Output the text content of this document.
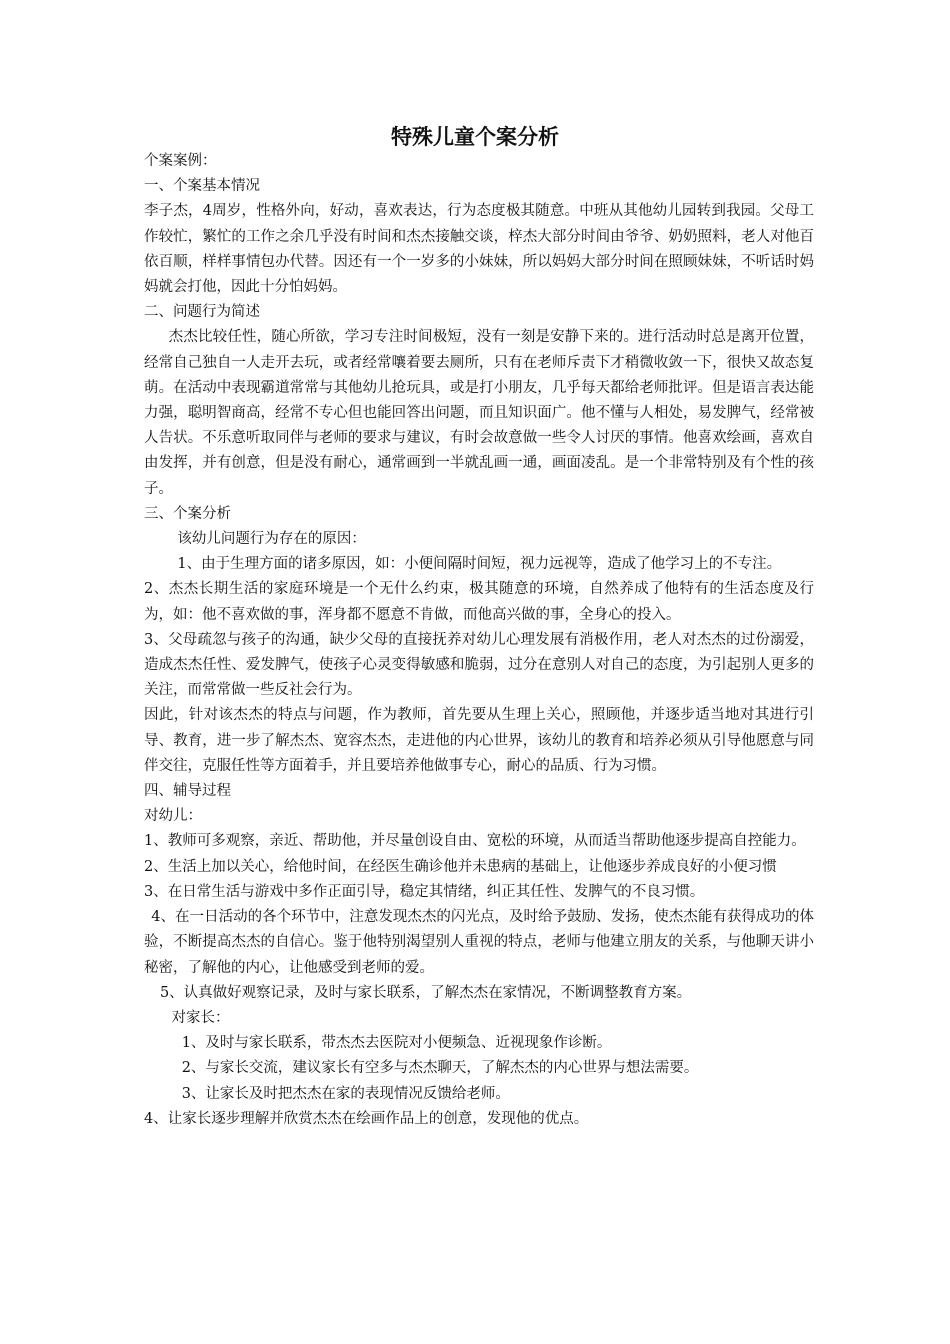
特殊儿童个案分析

个案案例：

一、个案基本情况

李子杰，4周岁，性格外向，好动，喜欢表达，行为态度极其随意。中班从其他幼儿园转到我园。父母工作较忙，繁忙的工作之余几乎没有时间和杰杰接触交谈，梓杰大部分时间由爷爷、奶奶照料，老人对他百依百顺，样样事情包办代替。因还有一个一岁多的小妹妹，所以妈妈大部分时间在照顾妹妹，不听话时妈妈就会打他，因此十分怕妈妈。

二、问题行为简述

杰杰比较任性，随心所欲，学习专注时间极短，没有一刻是安静下来的。进行活动时总是离开位置，经常自己独自一人走开去玩，或者经常嚷着要去厕所，只有在老师斥责下才稍微收敛一下，很快又故态复萌。在活动中表现霸道常常与其他幼儿抢玩具，或是打小朋友，几乎每天都给老师批评。但是语言表达能力强，聪明智商高，经常不专心但也能回答出问题，而且知识面广。他不懂与人相处，易发脾气，经常被人告状。不乐意听取同伴与老师的要求与建议，有时会故意做一些令人讨厌的事情。他喜欢绘画，喜欢自由发挥，并有创意，但是没有耐心，通常画到一半就乱画一通，画面凌乱。是一个非常特别及有个性的孩子。

三、个案分析

该幼儿问题行为存在的原因：

1、由于生理方面的诸多原因，如：小便间隔时间短，视力远视等，造成了他学习上的不专注。

2、杰杰长期生活的家庭环境是一个无什么约束，极其随意的环境，自然养成了他特有的生活态度及行为，如：他不喜欢做的事，浑身都不愿意不肯做，而他高兴做的事，全身心的投入。

3、父母疏忽与孩子的沟通，缺少父母的直接抚养对幼儿心理发展有消极作用，老人对杰杰的过份溺爱，造成杰杰任性、爱发脾气，使孩子心灵变得敏感和脆弱，过分在意别人对自己的态度，为引起别人更多的关注，而常常做一些反社会行为。

因此，针对该杰杰的特点与问题，作为教师，首先要从生理上关心，照顾他，并逐步适当地对其进行引导、教育，进一步了解杰杰、宽容杰杰，走进他的内心世界，该幼儿的教育和培养必须从引导他愿意与同伴交往，克服任性等方面着手，并且要培养他做事专心，耐心的品质、行为习惯。

四、辅导过程

对幼儿：

1、教师可多观察，亲近、帮助他，并尽量创设自由、宽松的环境，从而适当帮助他逐步提高自控能力。

2、生活上加以关心，给他时间，在经医生确诊他并未患病的基础上，让他逐步养成良好的小便习惯

3、在日常生活与游戏中多作正面引导，稳定其情绪，纠正其任性、发脾气的不良习惯。

4、在一日活动的各个环节中，注意发现杰杰的闪光点，及时给予鼓励、发扬，使杰杰能有获得成功的体验，不断提高杰杰的自信心。鉴于他特别渴望别人重视的特点，老师与他建立朋友的关系，与他聊天讲小秘密，了解他的内心，让他感受到老师的爱。

5、认真做好观察记录，及时与家长联系，了解杰杰在家情况，不断调整教育方案。

对家长：

1、及时与家长联系，带杰杰去医院对小便频急、近视现象作诊断。

2、与家长交流，建议家长有空多与杰杰聊天，了解杰杰的内心世界与想法需要。

3、让家长及时把杰杰在家的表现情况反馈给老师。

4、让家长逐步理解并欣赏杰杰在绘画作品上的创意，发现他的优点。
